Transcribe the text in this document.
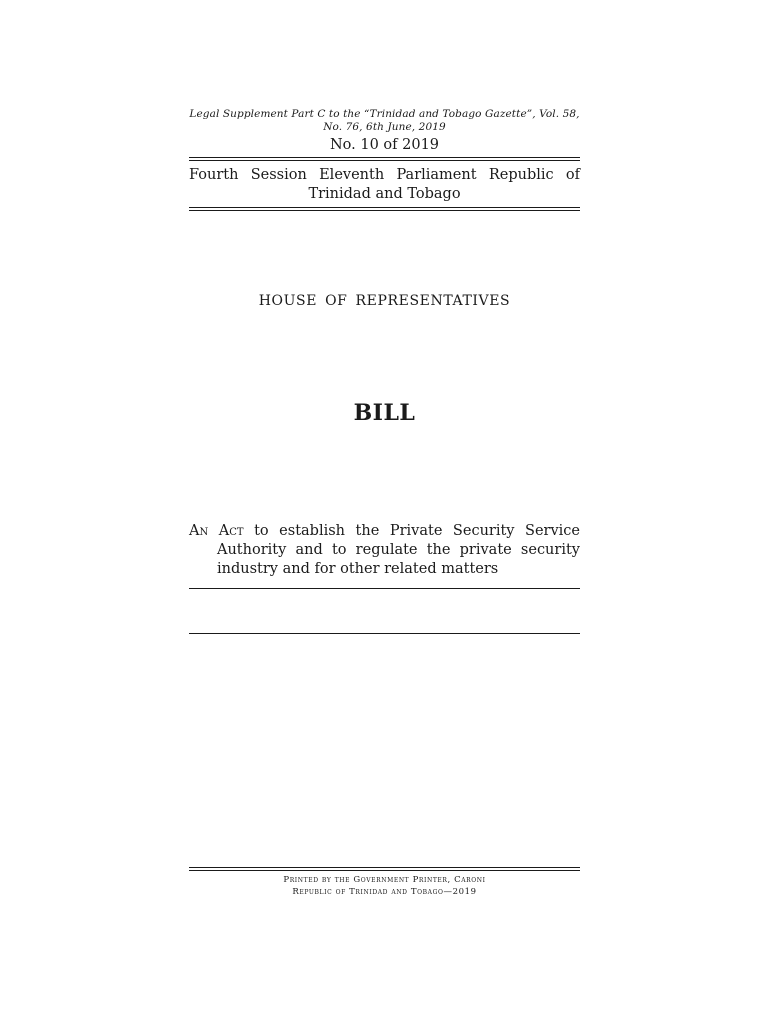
Legal Supplement Part C to the “Trinidad and Tobago Gazette”, Vol. 58,
No. 76, 6th June, 2019
No. 10 of 2019
Fourth Session Eleventh Parliament Republic of
Trinidad and Tobago
HOUSE OF REPRESENTATIVES
BILL
An Act to establish the Private Security Service
Authority and to regulate the private security
industry and for other related matters
Printed by the Government Printer, Caroni
Republic of Trinidad and Tobago—2019
